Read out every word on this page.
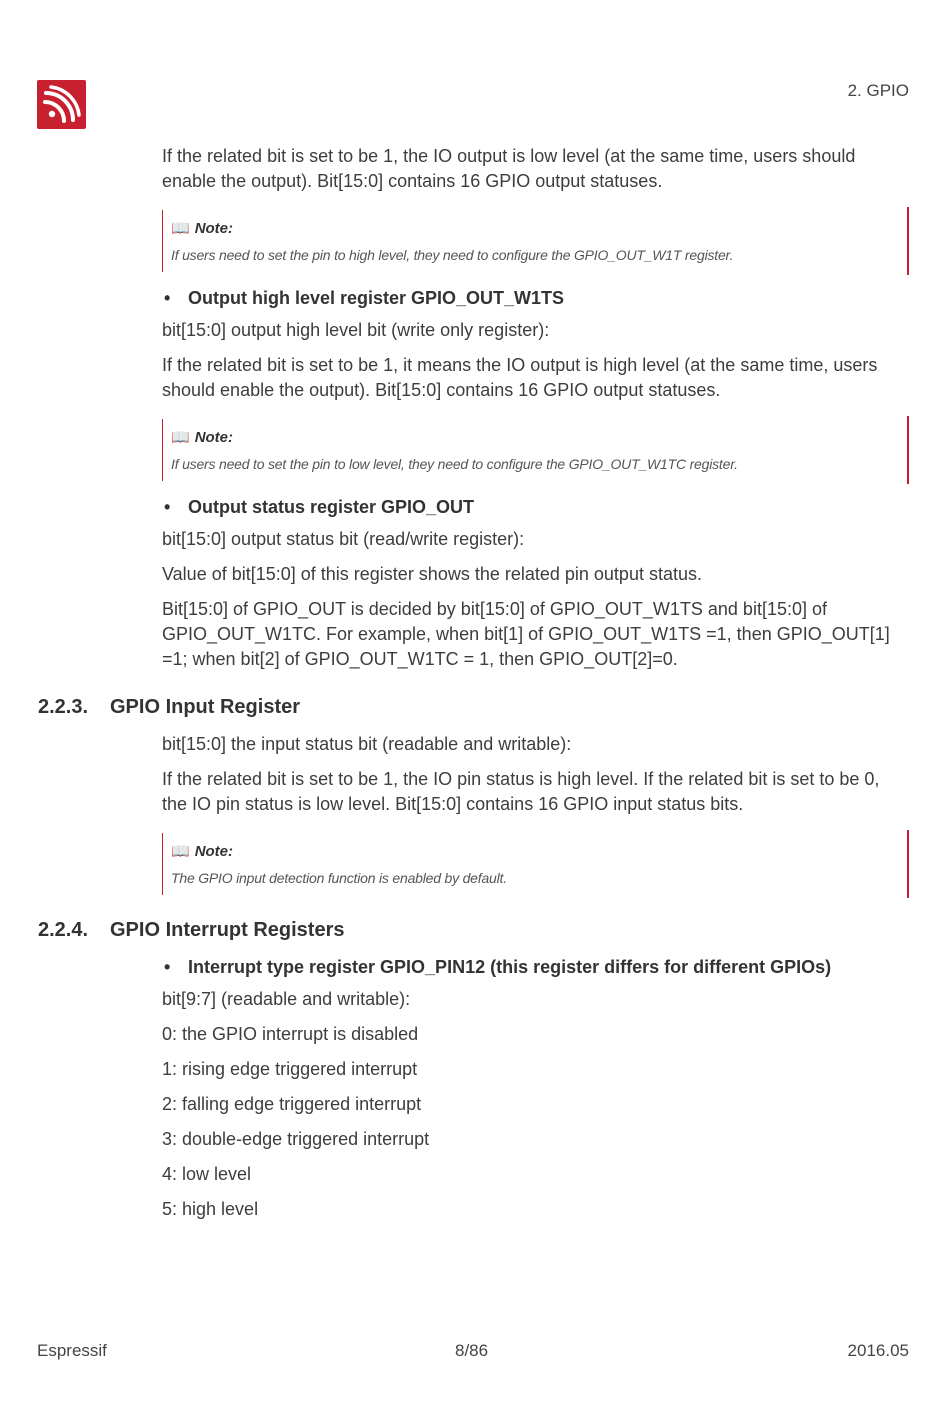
2. GPIO

If the related bit is set to be 1, the IO output is low level (at the same time, users should enable the output). Bit[15:0] contains 16 GPIO output statuses.

📖 Note:
If users need to set the pin to high level, they need to configure the GPIO_OUT_W1T register.
• Output high level register GPIO_OUT_W1TS

bit[15:0] output high level bit (write only register):

If the related bit is set to be 1, it means the IO output is high level (at the same time, users should enable the output). Bit[15:0] contains 16 GPIO output statuses.

📖 Note:
If users need to set the pin to low level, they need to configure the GPIO_OUT_W1TC register.
• Output status register GPIO_OUT

bit[15:0] output status bit (read/write register):

Value of bit[15:0] of this register shows the related pin output status.

Bit[15:0] of GPIO_OUT is decided by bit[15:0] of GPIO_OUT_W1TS and bit[15:0] of GPIO_OUT_W1TC. For example, when bit[1] of GPIO_OUT_W1TS =1, then GPIO_OUT[1] =1; when bit[2] of GPIO_OUT_W1TC = 1, then GPIO_OUT[2]=0.

2.2.3. GPIO Input Register

bit[15:0] the input status bit (readable and writable):

If the related bit is set to be 1, the IO pin status is high level. If the related bit is set to be 0, the IO pin status is low level. Bit[15:0] contains 16 GPIO input status bits.

📖 Note:
The GPIO input detection function is enabled by default.
2.2.4. GPIO Interrupt Registers
• Interrupt type register GPIO_PIN12 (this register differs for different GPIOs)

bit[9:7] (readable and writable):

0: the GPIO interrupt is disabled

1: rising edge triggered interrupt

2: falling edge triggered interrupt

3: double-edge triggered interrupt

4: low level

5: high level

Espressif	8/86	2016.05
